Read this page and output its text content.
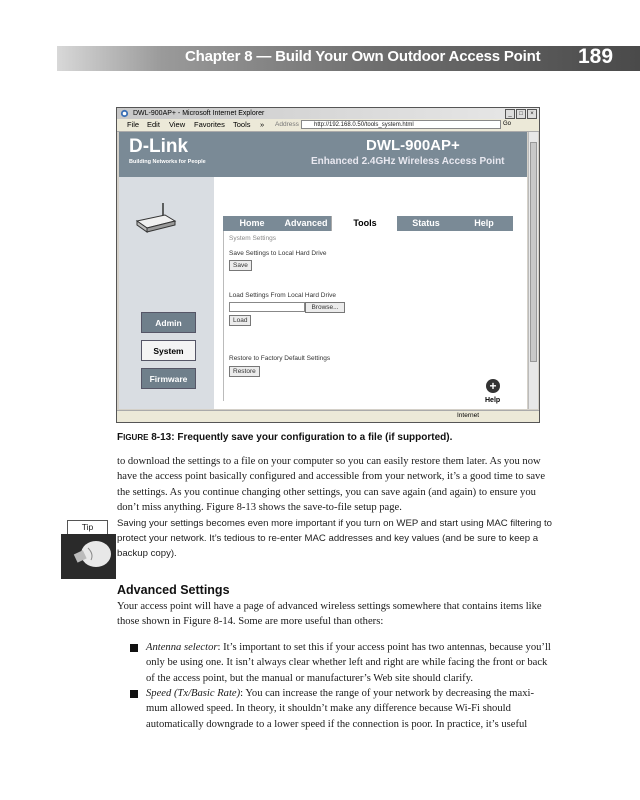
Chapter 8 — Build Your Own Outdoor Access Point 189
DWL-900AP+ - Microsoft Internet Explorer	_	□	×
File Edit View Favorites Tools » Address	http://192.168.0.50/tools_system.html	Go
D-Link
Building Networks for People
DWL-900AP+
Enhanced 2.4GHz Wireless Access Point
Admin
System
Firmware
Home	Advanced	Tools	Status	Help
System Settings
Save Settings to Local Hard Drive
Save
Load Settings From Local Hard Drive
Browse...
Load
Restore to Factory Default Settings
Restore
+
Help
Internet
FIGURE 8-13: Frequently save your configuration to a file (if supported).
to download the settings to a file on your computer so you can easily restore them later. As you now have the access point basically configured and accessible from your network, it’s a good time to save the settings. As you continue changing other settings, you can save again (and again) to ensure you don’t miss anything. Figure 8-13 shows the save-to-file setup page.
Tip	Saving your settings becomes even more important if you turn on WEP and start using MAC filtering to protect your network. It’s tedious to re-enter MAC addresses and key values (and be sure to keep a backup copy).
Advanced Settings
Your access point will have a page of advanced wireless settings somewhere that contains items like those shown in Figure 8-14. Some are more useful than others:
Antenna selector: It’s important to set this if your access point has two antennas, because you’ll only be using one. It isn’t always clear whether left and right are while facing the front or back of the access point, but the manual or manufacturer’s Web site should clarify.
Speed (Tx/Basic Rate): You can increase the range of your network by decreasing the maxi- mum allowed speed. In theory, it shouldn’t make any difference because Wi-Fi should automatically downgrade to a lower speed if the connection is poor. In practice, it’s useful
